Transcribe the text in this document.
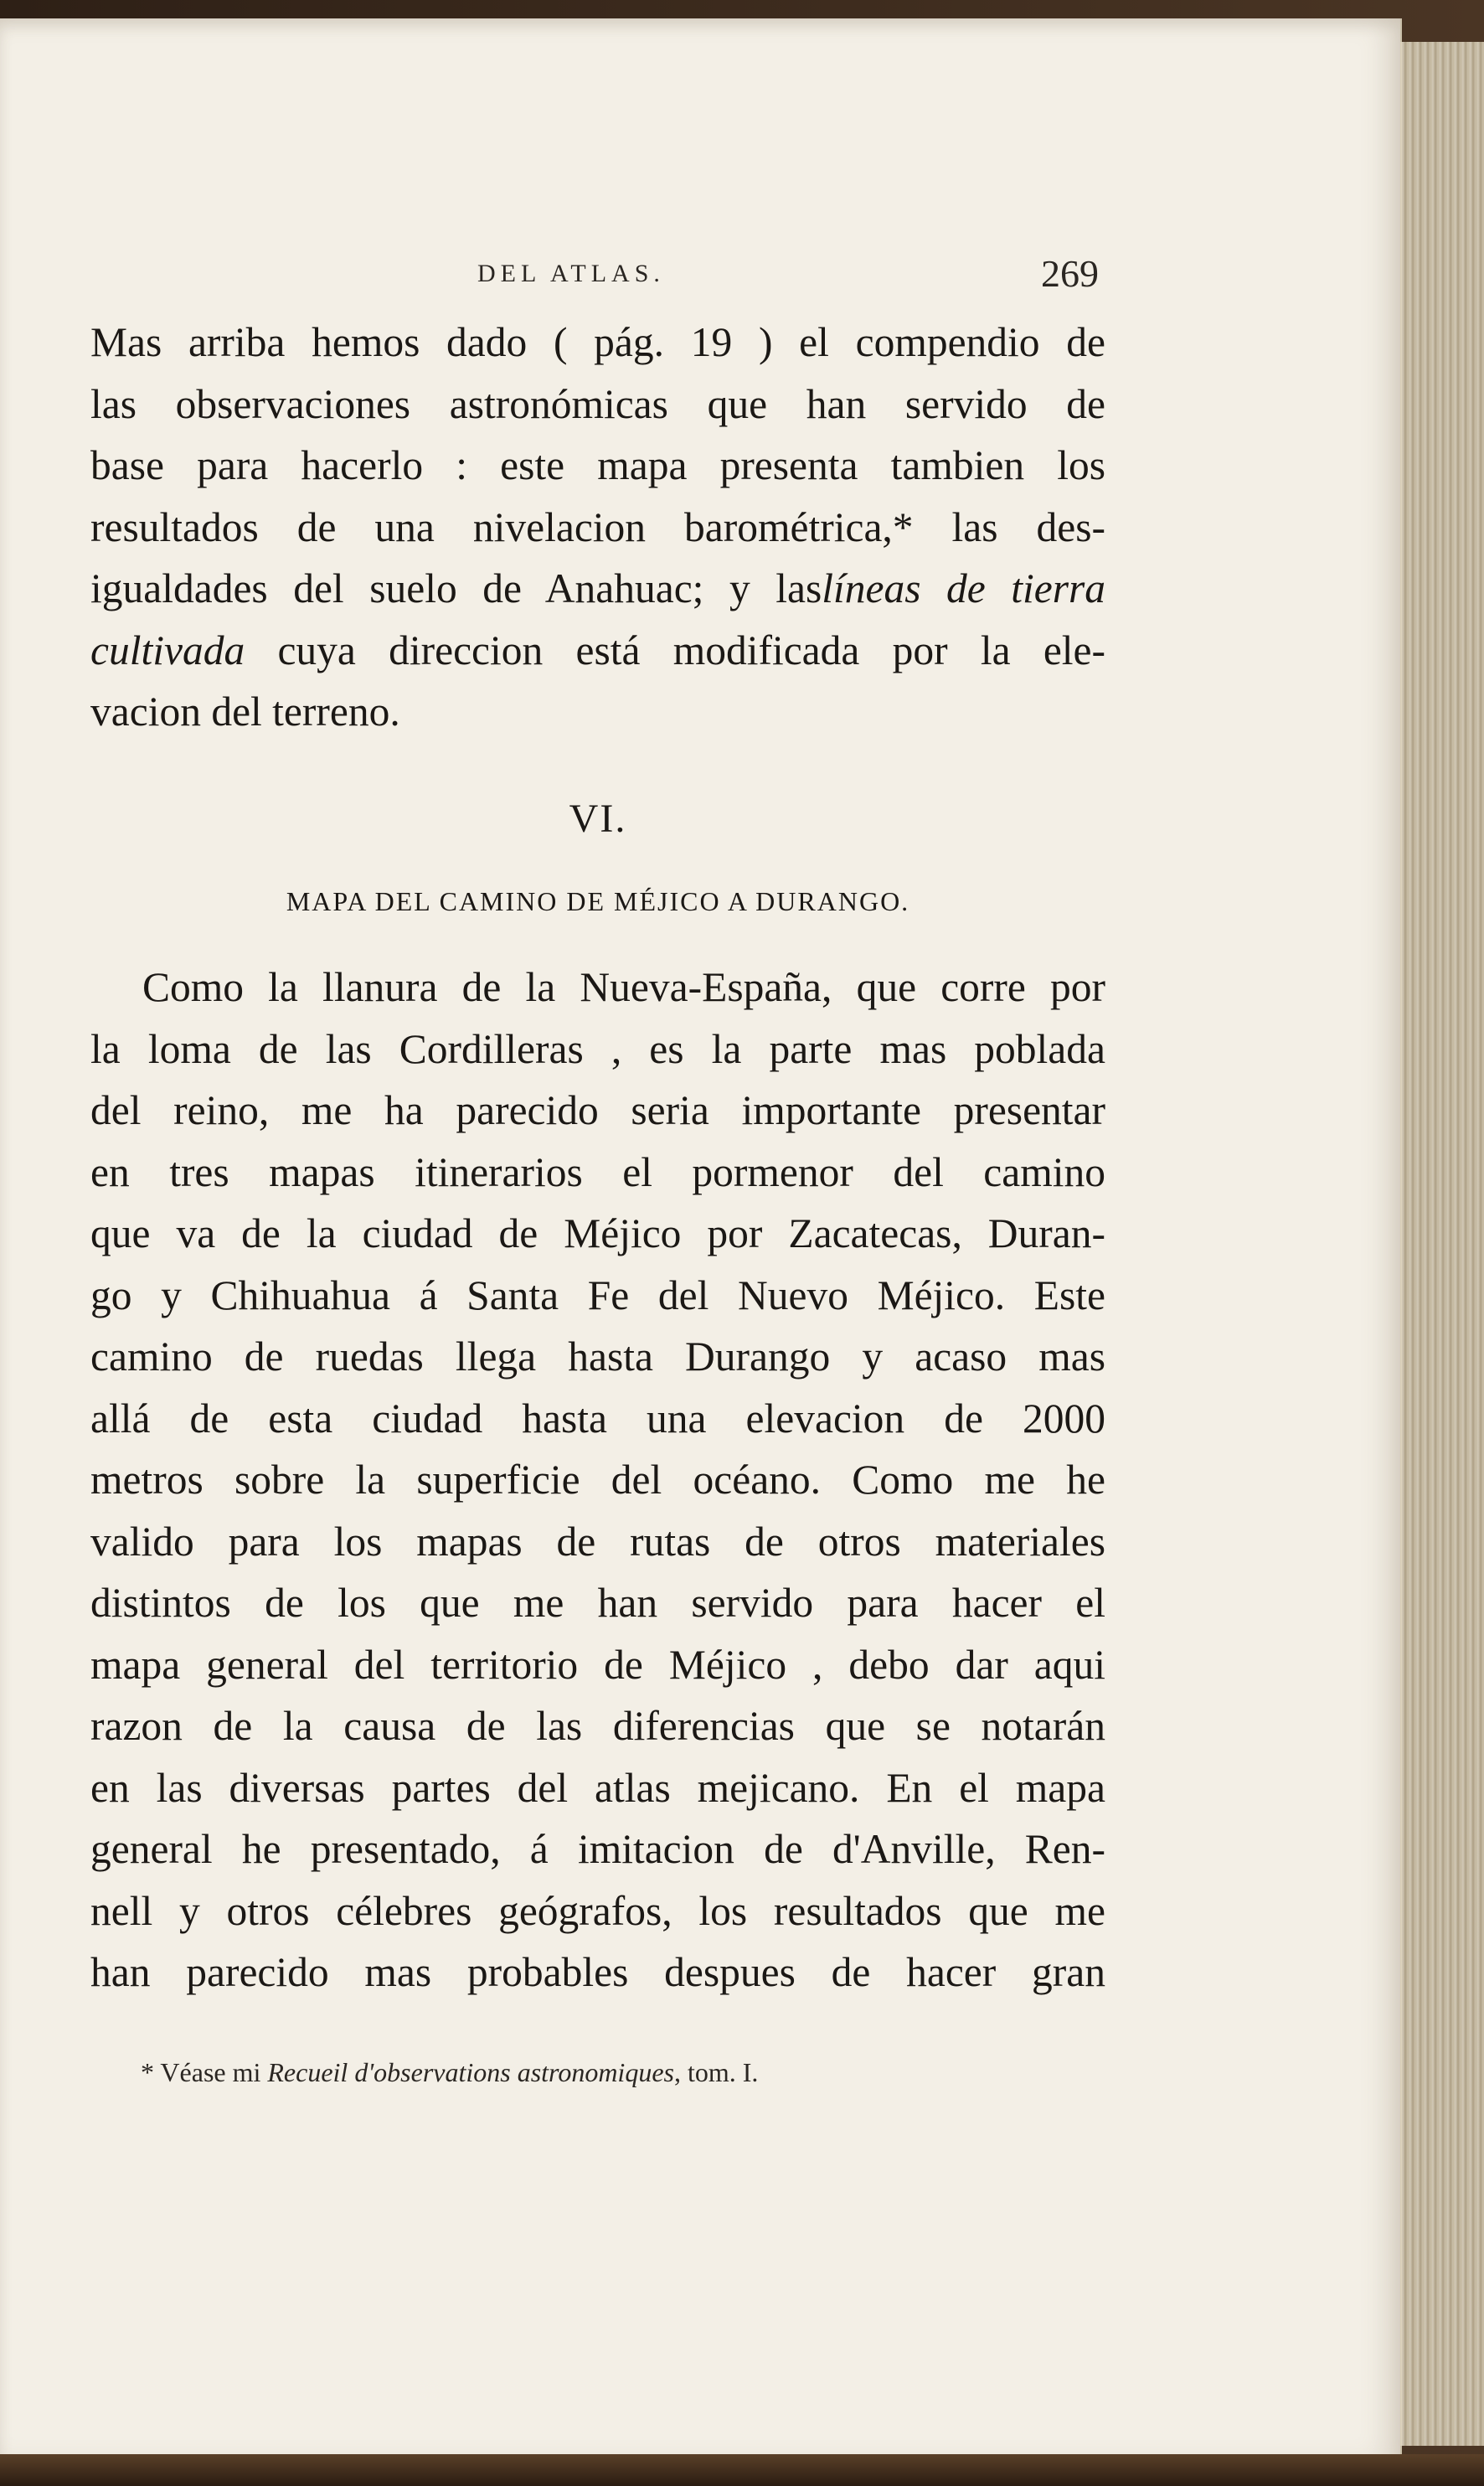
DEL ATLAS.	269
Mas arriba hemos dado ( pág. 19 ) el compendio de
las observaciones astronómicas que han servido de
base para hacerlo : este mapa presenta tambien los
resultados de una nivelacion barométrica,* las des-
igualdades del suelo de Anahuac; y laslíneas de tierra
cultivada cuya direccion está modificada por la ele-
vacion del terreno.
VI.
MAPA DEL CAMINO DE MÉJICO A DURANGO.
Como la llanura de la Nueva-España, que corre por
la loma de las Cordilleras , es la parte mas poblada
del reino, me ha parecido seria importante presentar
en tres mapas itinerarios el pormenor del camino
que va de la ciudad de Méjico por Zacatecas, Duran-
go y Chihuahua á Santa Fe del Nuevo Méjico. Este
camino de ruedas llega hasta Durango y acaso mas
allá de esta ciudad hasta una elevacion de 2000
metros sobre la superficie del océano. Como me he
valido para los mapas de rutas de otros materiales
distintos de los que me han servido para hacer el
mapa general del territorio de Méjico , debo dar aqui
razon de la causa de las diferencias que se notarán
en las diversas partes del atlas mejicano. En el mapa
general he presentado, á imitacion de d'Anville, Ren-
nell y otros célebres geógrafos, los resultados que me
han parecido mas probables despues de hacer gran
* Véase mi Recueil d'observations astronomiques, tom. I.
